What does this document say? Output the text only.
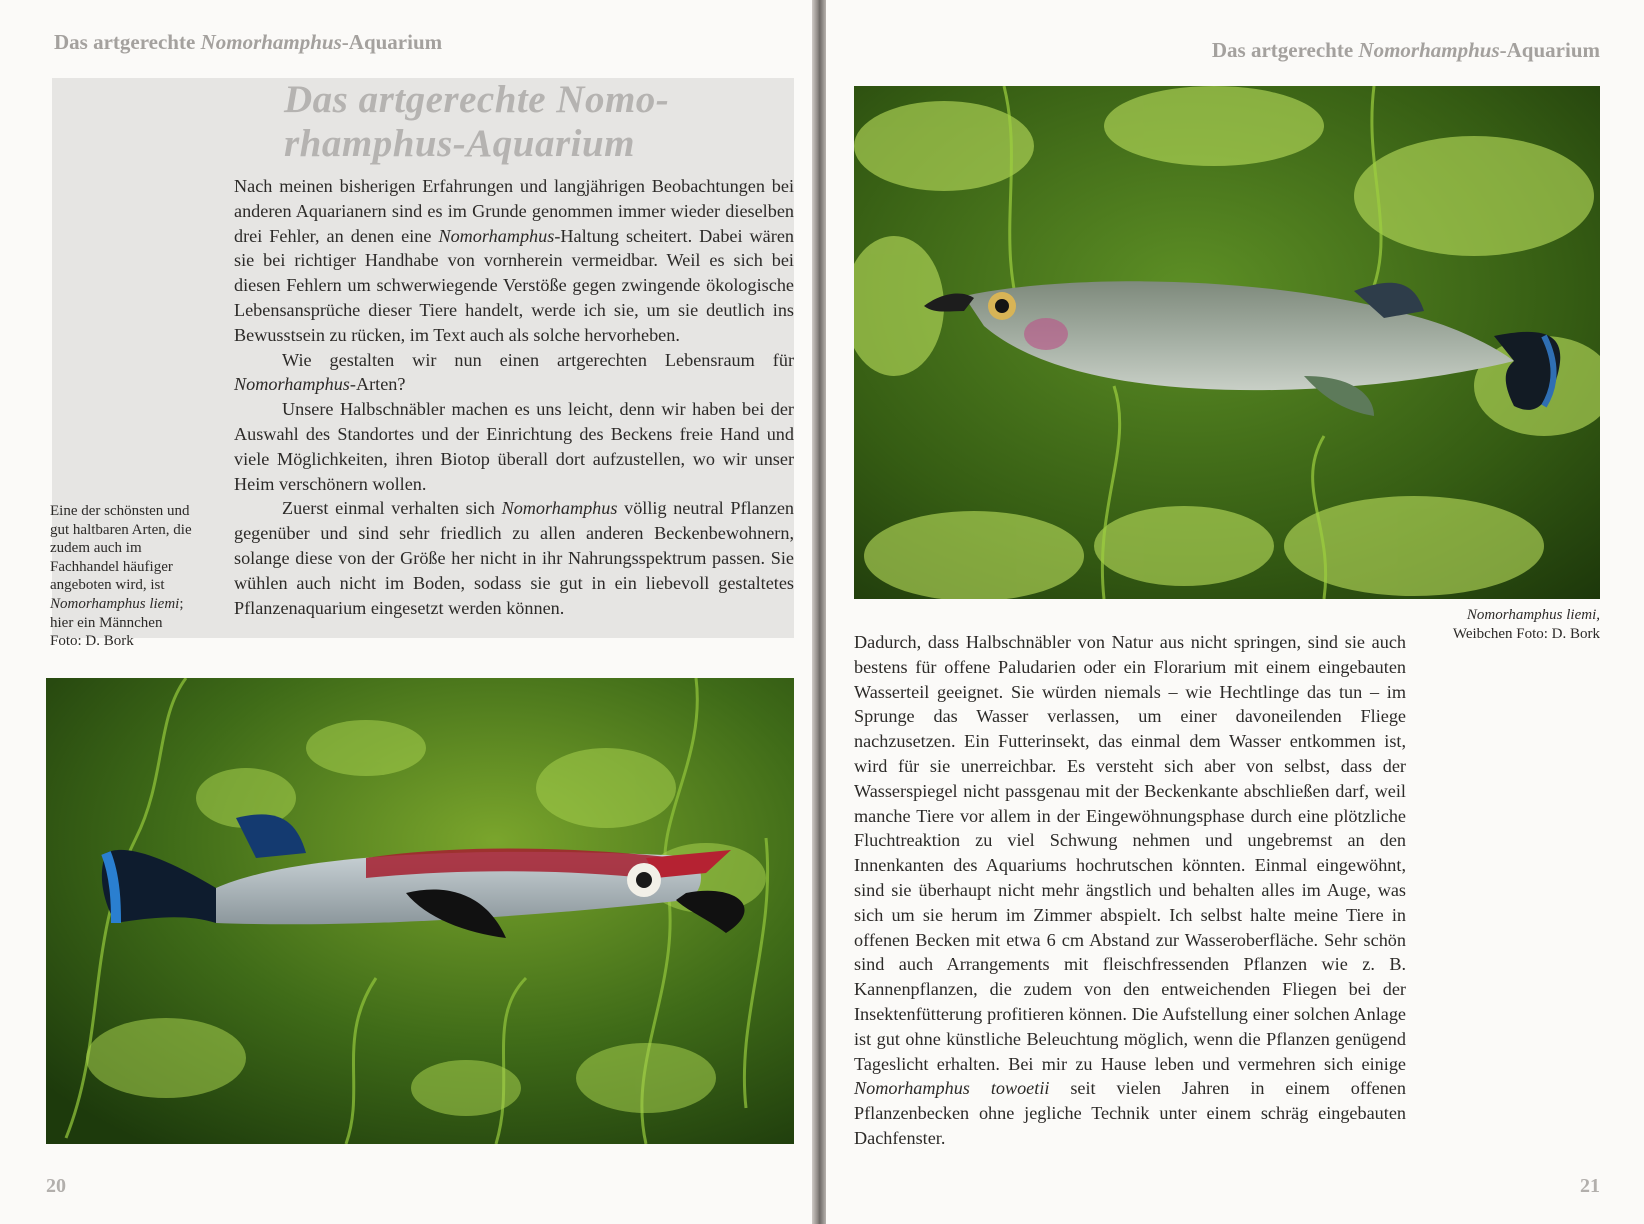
Das artgerechte Nomorhamphus-Aquarium
Das artgerechte Nomo-
rhamphus-Aquarium

Nach meinen bisherigen Erfahrungen und langjährigen Beobachtungen bei anderen Aquarianern sind es im Grunde genommen immer wieder dieselben drei Fehler, an denen eine Nomorhamphus-Haltung scheitert. Dabei wären sie bei richtiger Handhabe von vornherein vermeidbar. Weil es sich bei diesen Fehlern um schwerwiegende Verstöße gegen zwingende ökologische Lebensansprüche dieser Tiere handelt, werde ich sie, um sie deutlich ins Bewusstsein zu rücken, im Text auch als solche hervorheben.

Wie gestalten wir nun einen artgerechten Lebensraum für Nomorhamphus-Arten?

Unsere Halbschnäbler machen es uns leicht, denn wir haben bei der Auswahl des Standortes und der Einrichtung des Beckens freie Hand und viele Möglichkeiten, ihren Biotop überall dort aufzustellen, wo wir unser Heim verschönern wollen.

Zuerst einmal verhalten sich Nomorhamphus völlig neutral Pflanzen gegenüber und sind sehr friedlich zu allen anderen Beckenbewohnern, solange diese von der Größe her nicht in ihr Nahrungsspektrum passen. Sie wühlen auch nicht im Boden, sodass sie gut in ein liebevoll gestaltetes Pflanzenaquarium eingesetzt werden können.

Eine der schönsten und gut haltbaren Arten, die zudem auch im Fachhandel häufiger angeboten wird, ist Nomorhamphus liemi; hier ein Männchen
Foto: D. Bork
20
Das artgerechte Nomorhamphus-Aquarium
Nomorhamphus liemi,
Weibchen Foto: D. Bork

Dadurch, dass Halbschnäbler von Natur aus nicht springen, sind sie auch bestens für offene Paludarien oder ein Florarium mit einem eingebauten Wasserteil geeignet. Sie würden niemals – wie Hechtlinge das tun – im Sprunge das Wasser verlassen, um einer davoneilenden Fliege nachzusetzen. Ein Futterinsekt, das einmal dem Wasser entkommen ist, wird für sie unerreichbar. Es versteht sich aber von selbst, dass der Wasserspiegel nicht passgenau mit der Beckenkante abschließen darf, weil manche Tiere vor allem in der Eingewöhnungsphase durch eine plötzliche Fluchtreaktion zu viel Schwung nehmen und ungebremst an den Innenkanten des Aquariums hochrutschen könnten. Einmal eingewöhnt, sind sie überhaupt nicht mehr ängstlich und behalten alles im Auge, was sich um sie herum im Zimmer abspielt. Ich selbst halte meine Tiere in offenen Becken mit etwa 6 cm Abstand zur Wasseroberfläche. Sehr schön sind auch Arrangements mit fleischfressenden Pflanzen wie z. B. Kannenpflanzen, die zudem von den entweichenden Fliegen bei der Insektenfütterung profitieren können. Die Aufstellung einer solchen Anlage ist gut ohne künstliche Beleuchtung möglich, wenn die Pflanzen genügend Tageslicht erhalten. Bei mir zu Hause leben und vermehren sich einige Nomorhamphus towoetii seit vielen Jahren in einem offenen Pflanzenbecken ohne jegliche Technik unter einem schräg eingebauten Dachfenster.

21
